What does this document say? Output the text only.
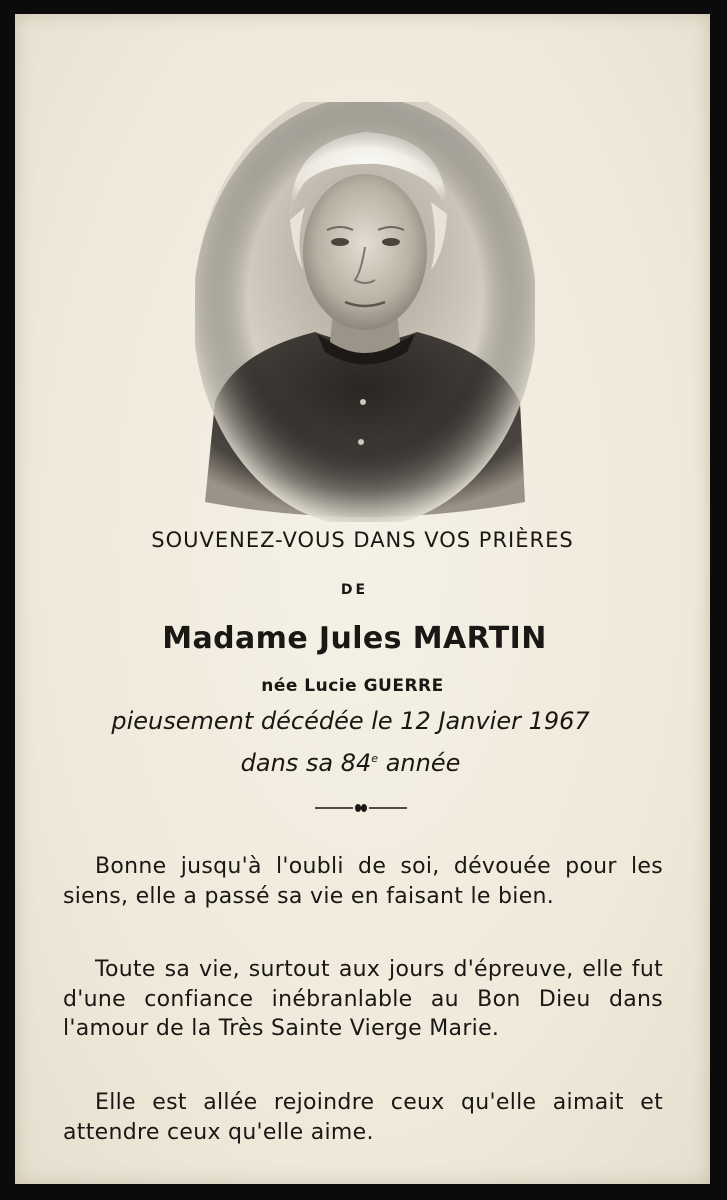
SOUVENEZ-VOUS DANS VOS PRIÈRES
DE
Madame Jules MARTIN
née Lucie GUERRE
pieusement décédée le 12 Janvier 1967
dans sa 84e année
Bonne jusqu'à l'oubli de soi, dévouée pour les siens, elle a passé sa vie en faisant le bien.
Toute sa vie, surtout aux jours d'épreuve, elle fut d'une confiance inébranlable au Bon Dieu dans l'amour de la Très Sainte Vierge Marie.
Elle est allée rejoindre ceux qu'elle aimait et attendre ceux qu'elle aime.
